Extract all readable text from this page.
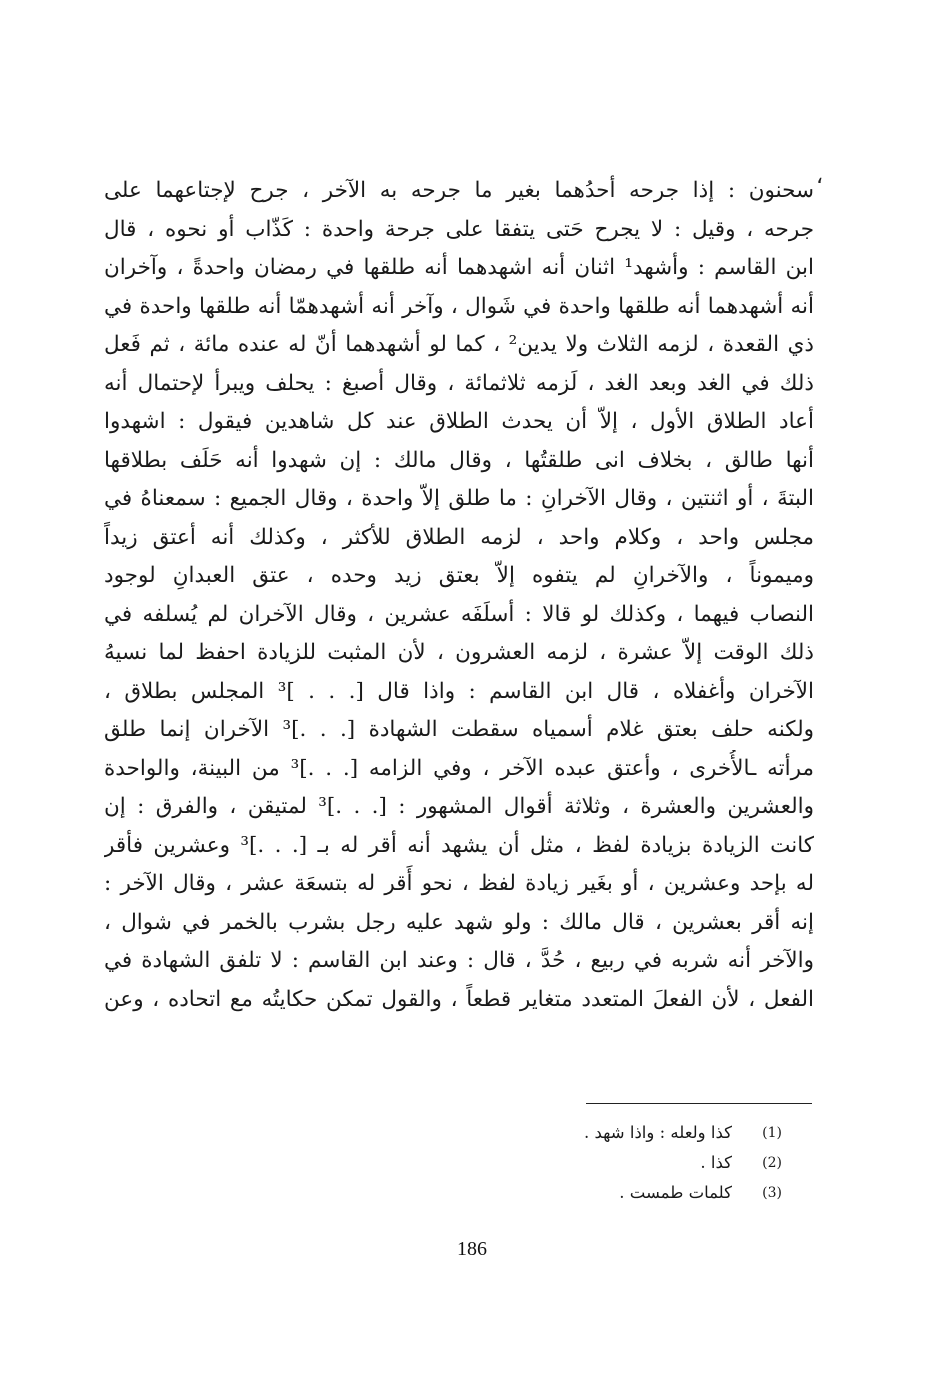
،
سحنون : إذا جرحه أحدُهما بغير ما جرحه به الآخر ، جرح لإجتاعهما على
جرحه ، وقيل : لا يجرح حَتى يتفقا على جرحة واحدة : كَذّاب أو نحوه ، قال
ابن القاسم : وأشهد¹ اثنان أنه اشهدهما أنه طلقها في رمضان واحدةً ، وآخران
أنه أشهدهما أنه طلقها واحدة في شَوال ، وآخر أنه أشهدهمّا أنه طلقها واحدة في
ذي القعدة ، لزمه الثلاث ولا يدين² ، كما لو أشهدهما أنّ له عنده مائة ، ثم فَعل
ذلك في الغد وبعد الغد ، لَزمه ثلاثمائة ، وقال أصبغ : يحلف ويبرأ لإحتمال أنه
أعاد الطلاق الأول ، إلاّ أن يحدث الطلاق عند كل شاهدين فيقول : اشهدوا
أنها طالق ، بخلاف انى طلقتُها ، وقال مالك : إن شهدوا أنه حَلَف بطلاقها
البتةَ ، أو اثنتين ، وقال الآخرانِ : ما طلق إلاّ واحدة ، وقال الجميع : سمعناهُ في
مجلس واحد ، وكلام واحد ، لزمه الطلاق للأكثر ، وكذلك أنه أعتق زيداً
وميموناً ، والآخرانِ لم يتفوه إلاّ بعتق زيد وحده ، عتق العبدانِ لوجود
النصاب فيهما ، وكذلك لو قالا : أسلَفَه عشرين ، وقال الآخران لم يُسلفه في
ذلك الوقت إلاّ عشرة ، لزمه العشرون ، لأن المثبت للزيادة احفظ لما نسيهُ
الآخران وأغفلاه ، قال ابن القاسم : واذا قال [. . . ]³ المجلس بطلاق ،
ولكنه حلف بعتق غلام أسمياه سقطت الشهادة [. . .]³ الآخران إنما طلق
مرأته ـالأُخرى ، وأعتق عبده الآخر ، وفي الزامه [. . .]³ من البينة، والواحدة
والعشرين والعشرة ، وثلاثة أقوال المشهور : [. . .]³ لمتيقن ، والفرق : إن
كانت الزيادة بزيادة لفظ ، مثل أن يشهد أنه أقر له بـ [. . .]³ وعشرين فأقر
له بإحد وعشرين ، أو بغَير زيادة لفظ ، نحو أَقر له بتسعَة عشر ، وقال الآخر :
إنه أقر بعشرين ، قال مالك : ولو شهد عليه رجل بشرب بالخمر في شوال ،
والآخر أنه شربه في ربيع ، حُدَّ ، قال : وعند ابن القاسم : لا تلفق الشهادة في
الفعل ، لأن الفعلَ المتعدد متغاير قطعاً ، والقول تمكن حكايتُه مع اتحاده ، وعن
(1)
كذا ولعله : واذا شهد .
(2)
كذا .
(3)
كلمات طمست .
186
